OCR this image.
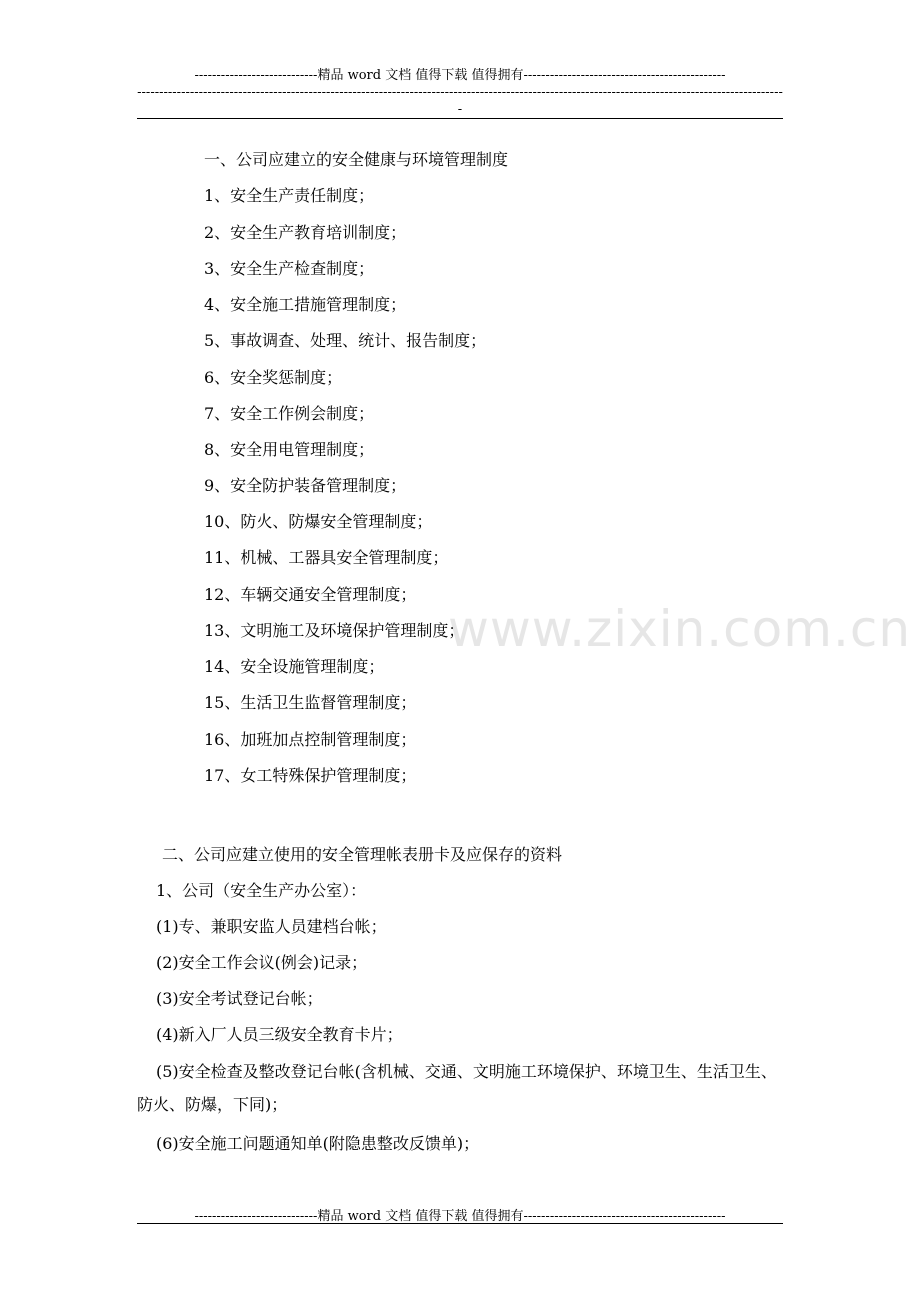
----------------------------精品 word 文档 值得下载 值得拥有----------------------------------------------
----------------------------------------------------------------------------------------------------------------------------------------------------
www.zixin.com.cn
一、公司应建立的安全健康与环境管理制度
1、安全生产责任制度；
2、安全生产教育培训制度；
3、安全生产检查制度；
4、安全施工措施管理制度；
5、事故调查、处理、统计、报告制度；
6、安全奖惩制度；
7、安全工作例会制度；
8、安全用电管理制度；
9、安全防护装备管理制度；
10、防火、防爆安全管理制度；
11、机械、工器具安全管理制度；
12、车辆交通安全管理制度；
13、文明施工及环境保护管理制度；
14、安全设施管理制度；
15、生活卫生监督管理制度；
16、加班加点控制管理制度；
17、女工特殊保护管理制度；
二、公司应建立使用的安全管理帐表册卡及应保存的资料
1、公司（安全生产办公室）：
(1)专、兼职安监人员建档台帐；
(2)安全工作会议(例会)记录；
(3)安全考试登记台帐；
(4)新入厂人员三级安全教育卡片；
(5)安全检查及整改登记台帐(含机械、交通、文明施工环境保护、环境卫生、生活卫生、防火、防爆，下同)；
(6)安全施工问题通知单(附隐患整改反馈单)；
----------------------------精品 word 文档 值得下载 值得拥有----------------------------------------------
